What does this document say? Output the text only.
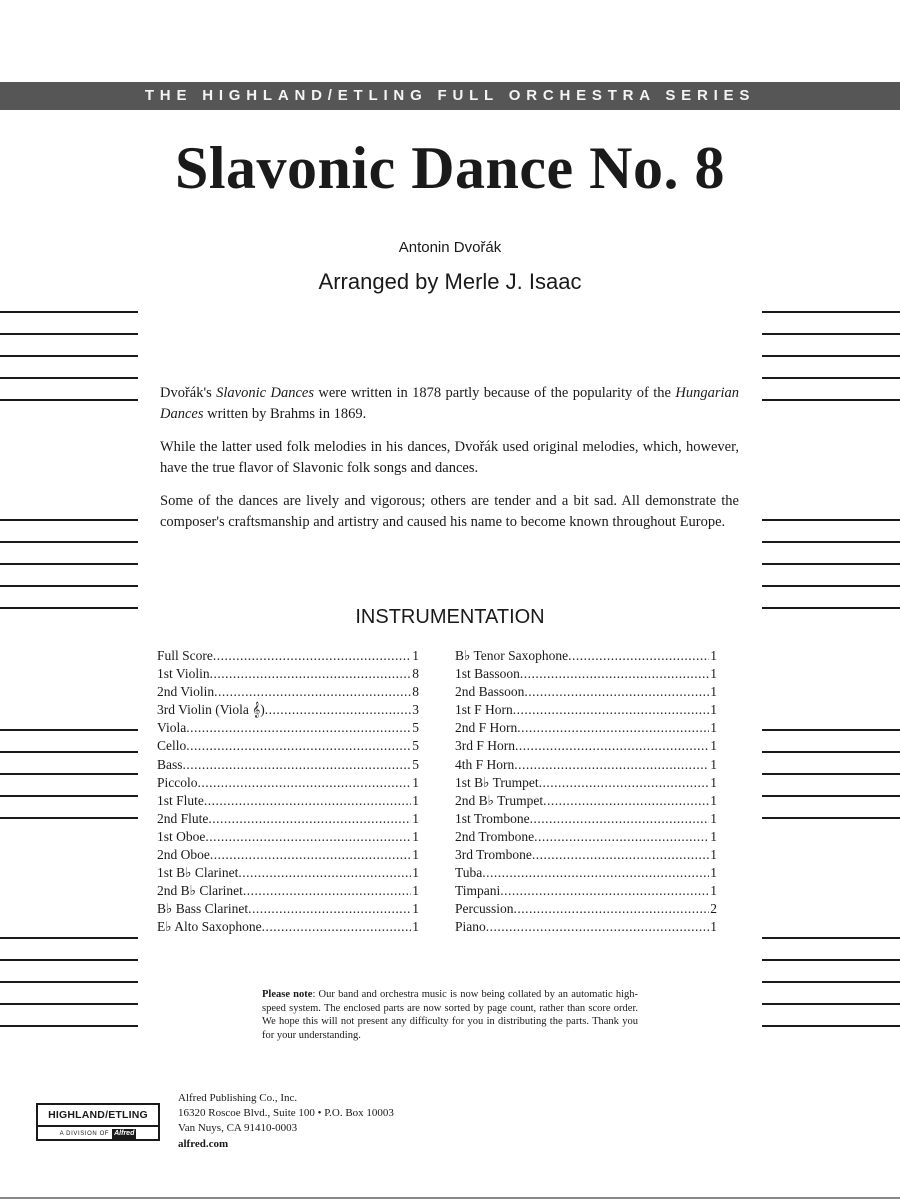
THE HIGHLAND/ETLING FULL ORCHESTRA SERIES
Slavonic Dance No. 8
Antonin Dvořák
Arranged by Merle J. Isaac

Dvořák's Slavonic Dances were written in 1878 partly because of the popularity of the Hungarian Dances written by Brahms in 1869.

While the latter used folk melodies in his dances, Dvořák used original melodies, which, however, have the true flavor of Slavonic folk songs and dances.

Some of the dances are lively and vigorous; others are tender and a bit sad. All demonstrate the composer's craftsmanship and artistry and caused his name to become known throughout Europe.

INSTRUMENTATION
Full Score .....	1
1st Violin .....	8
2nd Violin .....	8
3rd Violin (Viola 𝄞) .....	3
Viola .....	5
Cello .....	5
Bass .....	5
Piccolo .....	1
1st Flute .....	1
2nd Flute .....	1
1st Oboe .....	1
2nd Oboe .....	1
1st B♭ Clarinet .....	1
2nd B♭ Clarinet .....	1
B♭ Bass Clarinet .....	1
E♭ Alto Saxophone .....	1
B♭ Tenor Saxophone .....	1
1st Bassoon .....	1
2nd Bassoon .....	1
1st F Horn .....	1
2nd F Horn .....	1
3rd F Horn .....	1
4th F Horn .....	1
1st B♭ Trumpet .....	1
2nd B♭ Trumpet .....	1
1st Trombone .....	1
2nd Trombone .....	1
3rd Trombone .....	1
Tuba .....	1
Timpani .....	1
Percussion .....	2
Piano .....	1
Please note: Our band and orchestra music is now being collated by an automatic high-speed system. The enclosed parts are now sorted by page count, rather than score order. We hope this will not present any difficulty for you in distributing the parts. Thank you for your understanding.
HIGHLAND/ETLING
A DIVISION OF Alfred
Alfred Publishing Co., Inc.
16320 Roscoe Blvd., Suite 100 • P.O. Box 10003
Van Nuys, CA 91410-0003
alfred.com
